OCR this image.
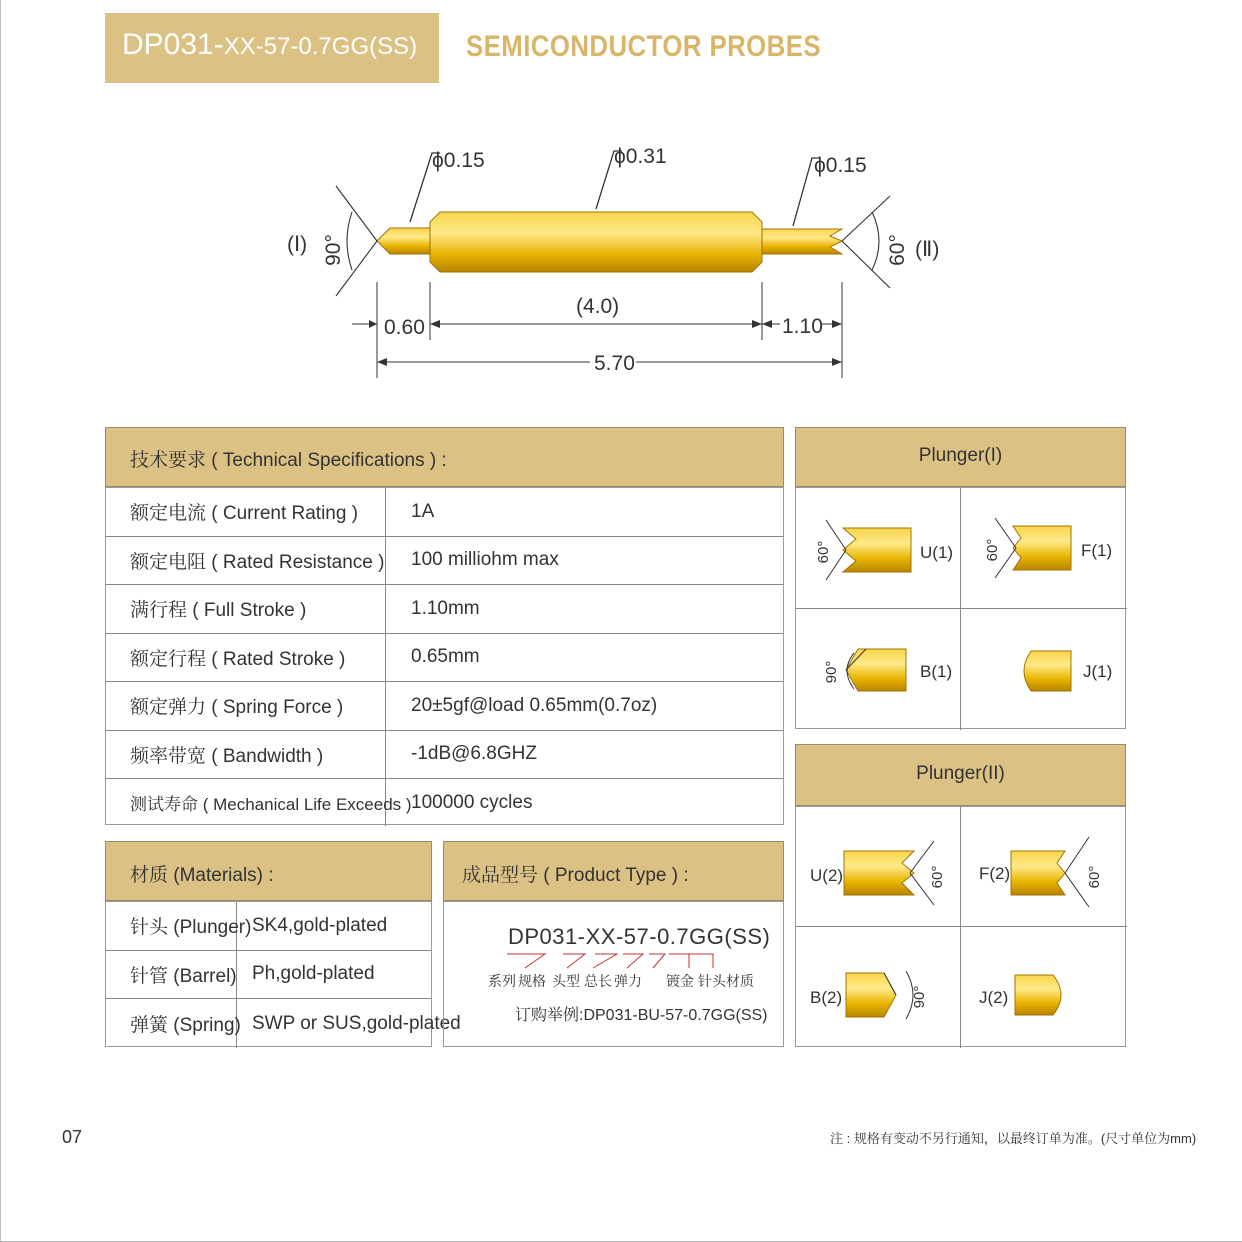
DP031-XX-57-0.7GG(SS) SEMICONDUCTOR PROBES
ϕ0.15	ϕ0.31	ϕ0.15
90°
(Ⅰ)	60° (Ⅱ)
0.60
(4.0)
1.10
5.70
技术要求 ( Technical Specifications ) :
额定电流 ( Current Rating )	1A
额定电阻 ( Rated Resistance ) 100 milliohm max
满行程 ( Full Stroke )	1.10mm
额定行程 ( Rated Stroke )	0.65mm
额定弹力 ( Spring Force )	20±5gf@load 0.65mm(0.7oz)
频率带宽 ( Bandwidth )	-1dB@6.8GHZ
测试寿命 ( Mechanical Life Exceeds ) 100000 cycles
材质 (Materials) :
针头 (Plunger) SK4,gold-plated
针管 (Barrel) Ph,gold-plated
弹簧 (Spring) SWP or SUS,gold-plated
成品型号 ( Product Type ) :
DP031-XX-57-0.7GG(SS)
系列 规格 头型 总长 弹力 镀金 针头材质
订购举例:DP031-BU-57-0.7GG(SS)
Plunger(I)
60°	U(1) 60°	F(1)
90°	B(1)	J(1)
Plunger(II)
60°
U(2)	60°
F(2)
90°
B(2)	J(2)
07	注 : 规格有变动不另行通知，以最终订单为准。(尺寸单位为mm)
